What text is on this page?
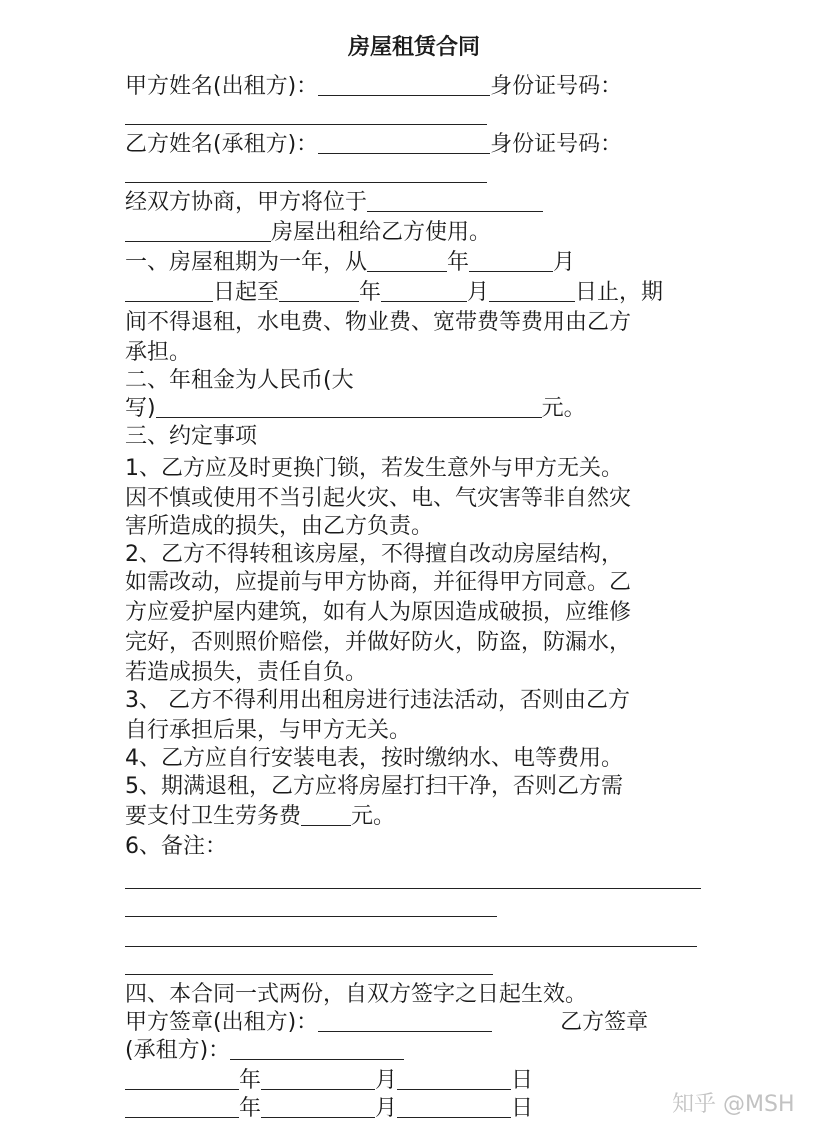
房屋租赁合同
甲方姓名(出租方)：	身份证号码：
乙方姓名(承租方)：	身份证号码：
经双方协商，甲方将位于
房屋出租给乙方使用。
一、房屋租期为一年，从	年	月
日起至	年	月	日止，期
间不得退租，水电费、物业费、宽带费等费用由乙方
承担。
二、年租金为人民币(大
写)	元。
三、约定事项
1、乙方应及时更换门锁，若发生意外与甲方无关。
因不慎或使用不当引起火灾、电、气灾害等非自然灾
害所造成的损失，由乙方负责。
2、乙方不得转租该房屋，不得擅自改动房屋结构，
如需改动，应提前与甲方协商，并征得甲方同意。乙
方应爱护屋内建筑，如有人为原因造成破损，应维修
完好，否则照价赔偿，并做好防火，防盗，防漏水，
若造成损失，责任自负。
3、 乙方不得利用出租房进行违法活动，否则由乙方
自行承担后果，与甲方无关。
4、乙方应自行安装电表，按时缴纳水、电等费用。
5、期满退租，乙方应将房屋打扫干净，否则乙方需
要支付卫生劳务费 元。
6、备注：
四、本合同一式两份，自双方签字之日起生效。
甲方签章(出租方)：	乙方签章
(承租方)：
年	月	日
年	月	日	知乎 @MSH
